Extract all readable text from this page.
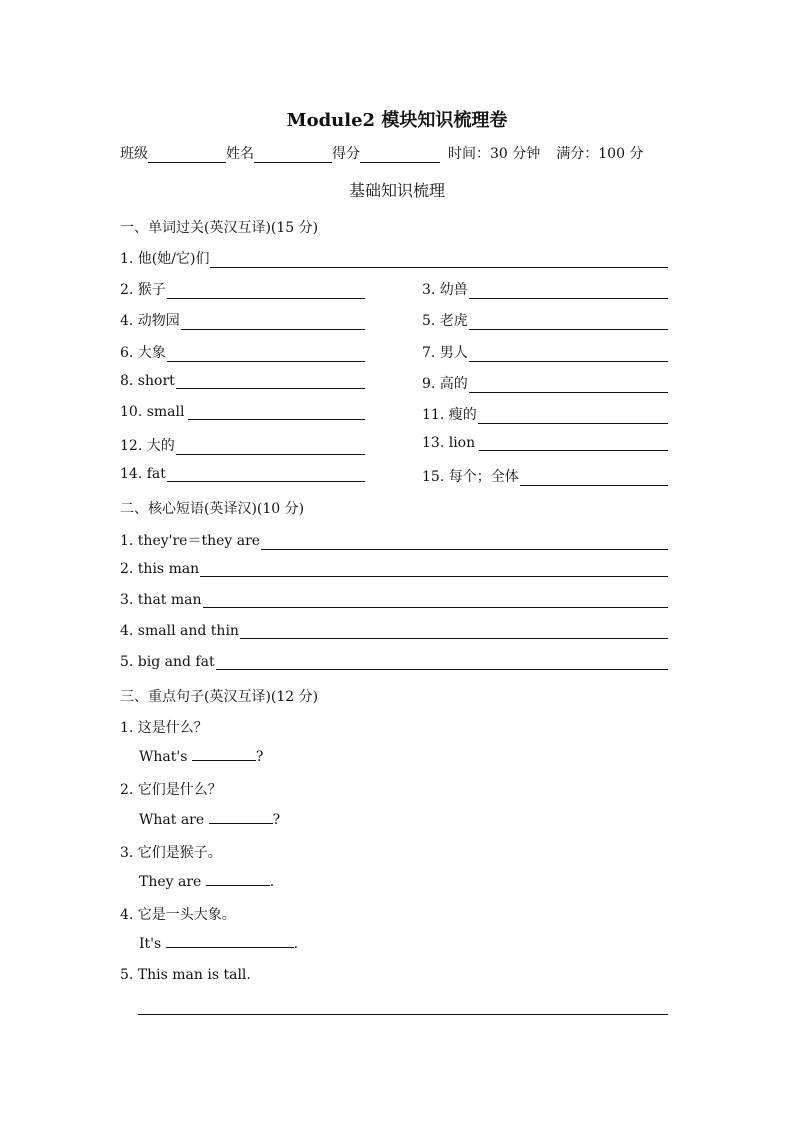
Module2 模块知识梳理卷
班级	姓名	得分	时间：30 分钟 满分：100 分
基础知识梳理
一、单词过关(英汉互译)(15 分)
1. 他(她/它)们
2. 猴子	3. 幼兽
4. 动物园	5. 老虎
6. 大象	7. 男人
8. short	9. 高的
10. small	11. 瘦的
12. 大的	13. lion
14. fat	15. 每个；全体
二、核心短语(英译汉)(10 分)
1. they're＝they are
2. this man
3. that man
4. small and thin
5. big and fat
三、重点句子(英汉互译)(12 分)
1. 这是什么？
What's	?
2. 它们是什么？
What are	?
3. 它们是猴子。
They are	.
4. 它是一头大象。
It's	.
5. This man is tall.
